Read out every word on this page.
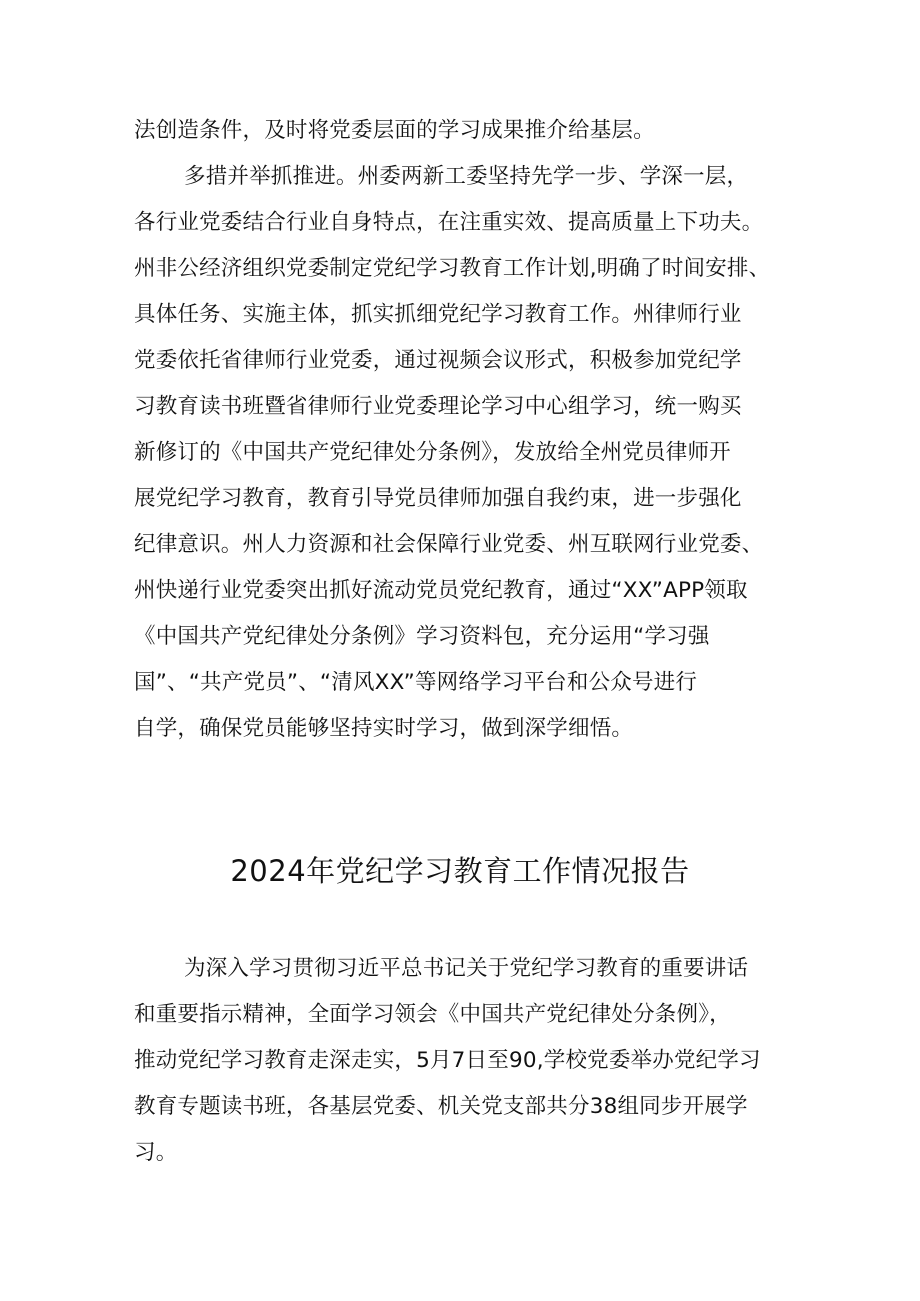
法创造条件，及时将党委层面的学习成果推介给基层。
多措并举抓推进。州委两新工委坚持先学一步、学深一层，
各行业党委结合行业自身特点，在注重实效、提高质量上下功夫。
州非公经济组织党委制定党纪学习教育工作计划,明确了时间安排、
具体任务、实施主体，抓实抓细党纪学习教育工作。州律师行业
党委依托省律师行业党委，通过视频会议形式，积极参加党纪学
习教育读书班暨省律师行业党委理论学习中心组学习，统一购买
新修订的《中国共产党纪律处分条例》，发放给全州党员律师开
展党纪学习教育，教育引导党员律师加强自我约束，进一步强化
纪律意识。州人力资源和社会保障行业党委、州互联网行业党委、
州快递行业党委突出抓好流动党员党纪教育，通过“XX”APP领取
《中国共产党纪律处分条例》学习资料包，充分运用“学习强
国”、“共产党员”、“清风XX”等网络学习平台和公众号进行
自学，确保党员能够坚持实时学习，做到深学细悟。
2024年党纪学习教育工作情况报告
为深入学习贯彻习近平总书记关于党纪学习教育的重要讲话
和重要指示精神，全面学习领会《中国共产党纪律处分条例》，
推动党纪学习教育走深走实，5月7日至90,学校党委举办党纪学习
教育专题读书班，各基层党委、机关党支部共分38组同步开展学
习。
